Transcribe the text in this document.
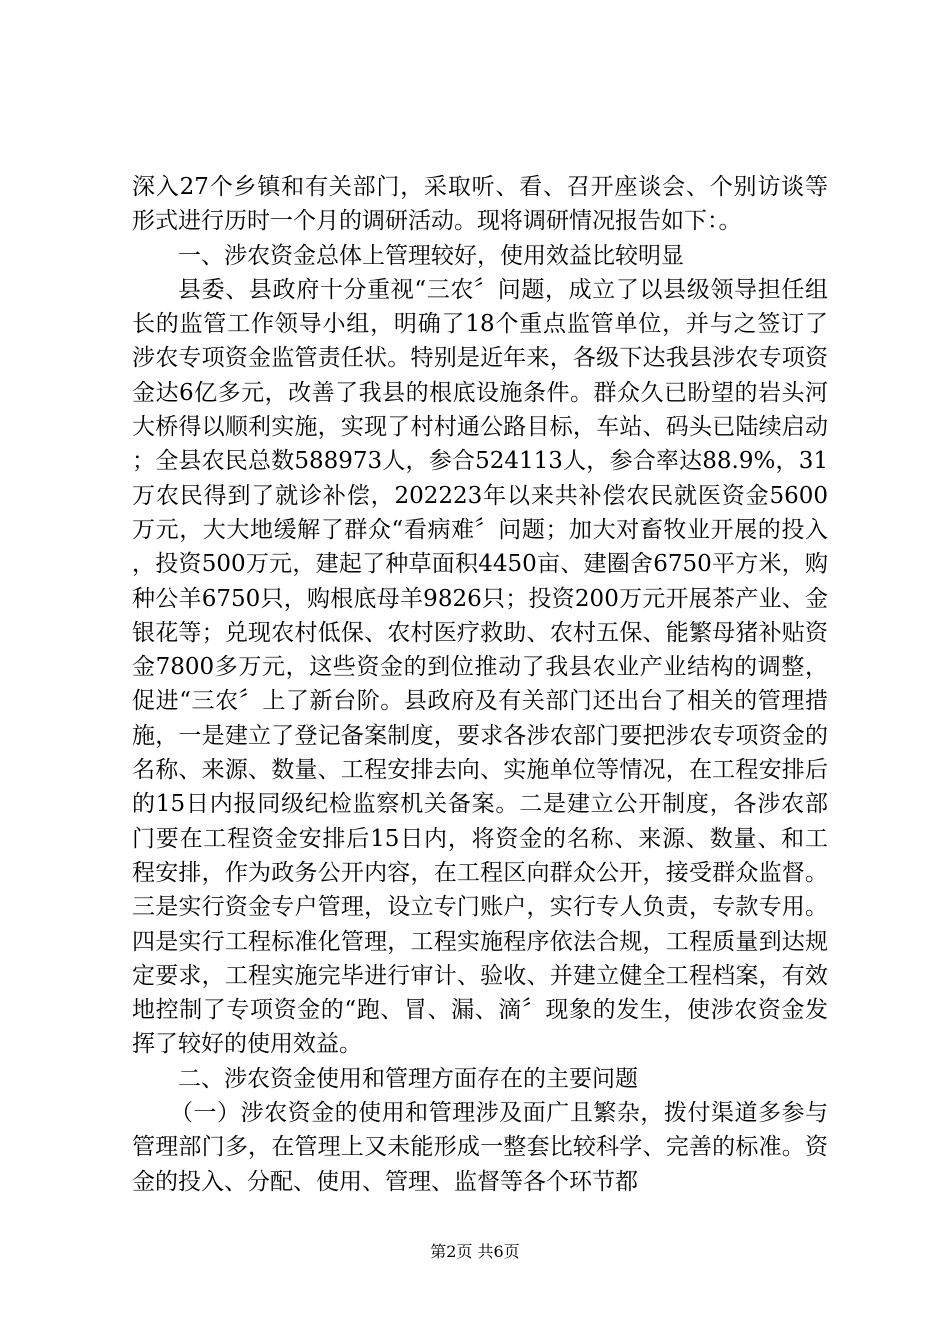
深入27个乡镇和有关部门，采取听、看、召开座谈会、个别访谈等形式进行历时一个月的调研活动。现将调研情况报告如下：。

一、涉农资金总体上管理较好，使用效益比较明显

县委、县政府十分重视“三农〞问题，成立了以县级领导担任组长的监管工作领导小组，明确了18个重点监管单位，并与之签订了涉农专项资金监管责任状。特别是近年来，各级下达我县涉农专项资金达6亿多元，改善了我县的根底设施条件。群众久已盼望的岩头河大桥得以顺利实施，实现了村村通公路目标，车站、码头已陆续启动；全县农民总数588973人，参合524113人，参合率达88.9%，31万农民得到了就诊补偿，202223年以来共补偿农民就医资金5600万元，大大地缓解了群众“看病难〞问题；加大对畜牧业开展的投入，投资500万元，建起了种草面积4450亩、建圈舍6750平方米，购种公羊6750只，购根底母羊9826只；投资200万元开展茶产业、金银花等；兑现农村低保、农村医疗救助、农村五保、能繁母猪补贴资金7800多万元，这些资金的到位推动了我县农业产业结构的调整，促进“三农〞上了新台阶。县政府及有关部门还出台了相关的管理措施，一是建立了登记备案制度，要求各涉农部门要把涉农专项资金的名称、来源、数量、工程安排去向、实施单位等情况，在工程安排后的15日内报同级纪检监察机关备案。二是建立公开制度，各涉农部门要在工程资金安排后15日内，将资金的名称、来源、数量、和工程安排，作为政务公开内容，在工程区向群众公开，接受群众监督。三是实行资金专户管理，设立专门账户，实行专人负责，专款专用。四是实行工程标准化管理，工程实施程序依法合规，工程质量到达规定要求，工程实施完毕进行审计、验收、并建立健全工程档案，有效地控制了专项资金的“跑、冒、漏、滴〞现象的发生，使涉农资金发挥了较好的使用效益。

二、涉农资金使用和管理方面存在的主要问题

（一）涉农资金的使用和管理涉及面广且繁杂，拨付渠道多参与管理部门多，在管理上又未能形成一整套比较科学、完善的标准。资金的投入、分配、使用、管理、监督等各个环节都

第2页 共6页
